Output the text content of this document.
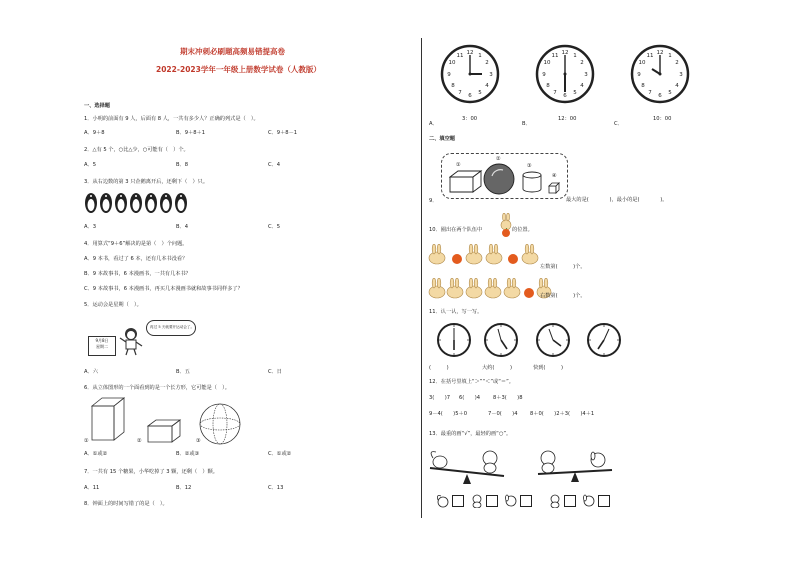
期末冲刺必刷题高频易错提高卷
2022-2023学年一年级上册数学试卷（人教版）
一、选择题
1．小明的前面有 9 人，后面有 8 人，一共有多少人？正确的列式是（　）。
A．9＋8	B．9＋8＋1	C．9＋8－1
2．△有 5 个，○比△少，○可能有（　）个。
A．5	B．8	C．4
3．从右边数的第 3 只企鹅离开后，还剩下（　）只。
A．3	B．4	C．5
4．用算式“9＋6”解决的是第（　）个问题。
A．9 本书，看过了 6 本，还有几本书没看？
B．9 本故事书，6 本漫画书，一共有几本书？
C．9 本故事书，6 本漫画书，再买几本漫画书就和故事书同样多了？
5．运动会是星期（　）。
9月8日
星期二
再过 5 天就要开运动会了。
A．六	B．五	C．日
6．从立体图形的一个面看到的是一个长方形，它可能是（　）。
①	②	③
A．①或②	B．②或③	C．①或②
7．一共有 15 个糖果，小华吃掉了 3 颗，还剩（　）颗。
A．11	B．12	C．13
8．钟面上的时间写错了的是（　）。
12 1
2
3
4
5
6
7
8
9
10
11	12 1
2
3
4
5
6
7
8
9
10
11	12 1
2
3
4
5
6
7
8
9
10
11
3：00	12：00	10：00
A．	B．	C．
二、填空题
①
②
③
④
9．	最大的是(　　　　)，最小的是(　　　　)。
10．圈出在两个队伍中	的位置。
左数第(　　　)个。
右数第(　　　)个。
11．认一认，写一写。
(　　　)	大约(　　　)	快到(　　　)
12．在括号里填上“＞”“＜”或“＝”。
3(　　)7 6(　　)4 8＋3(　　)8
9－4(　　)5＋0	7－0(　　)4 8＋0(　　)2＋3(　　)4＋1
13．最重的画“√”，最轻的画“○”。
